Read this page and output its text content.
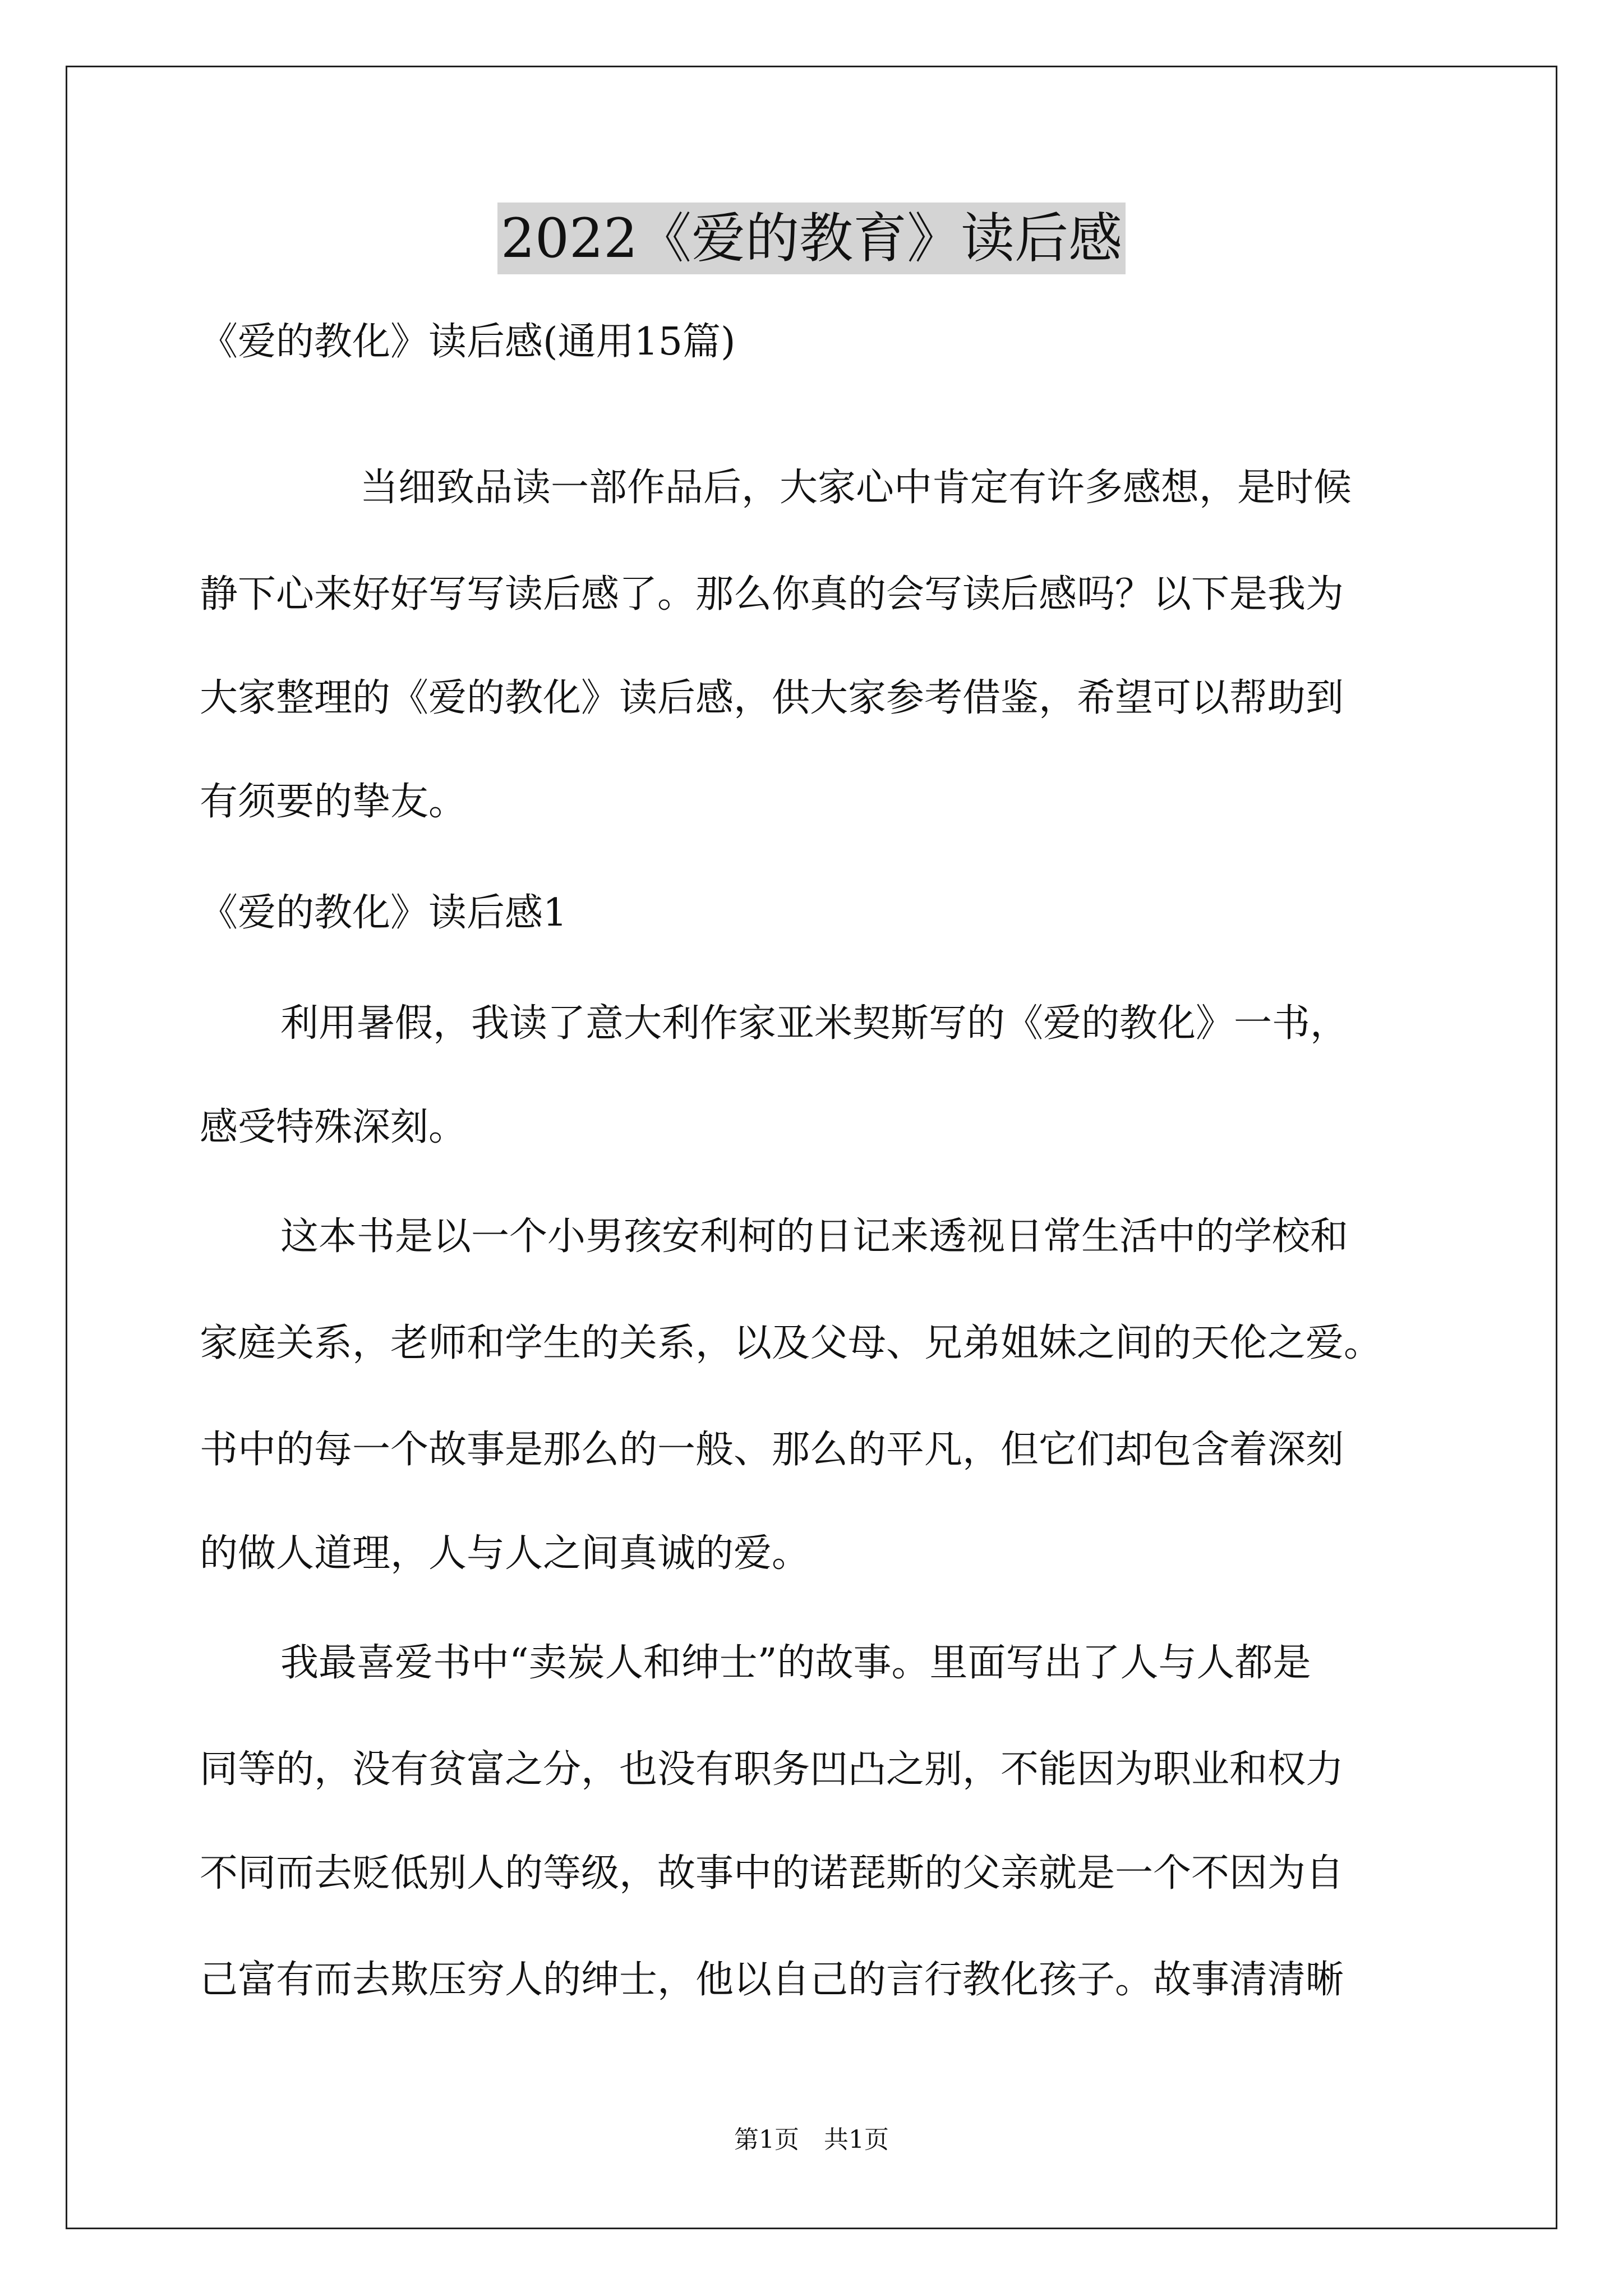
2022《爱的教育》读后感
《爱的教化》读后感(通用15篇)
当细致品读一部作品后，大家心中肯定有许多感想，是时候
静下心来好好写写读后感了。那么你真的会写读后感吗？以下是我为
大家整理的《爱的教化》读后感，供大家参考借鉴，希望可以帮助到
有须要的挚友。
《爱的教化》读后感1
利用暑假，我读了意大利作家亚米契斯写的《爱的教化》一书，
感受特殊深刻。
这本书是以一个小男孩安利柯的日记来透视日常生活中的学校和
家庭关系，老师和学生的关系，以及父母、兄弟姐妹之间的天伦之爱。
书中的每一个故事是那么的一般、那么的平凡，但它们却包含着深刻
的做人道理，人与人之间真诚的爱。
我最喜爱书中“卖炭人和绅士”的故事。里面写出了人与人都是
同等的，没有贫富之分，也没有职务凹凸之别，不能因为职业和权力
不同而去贬低别人的等级，故事中的诺琵斯的父亲就是一个不因为自
己富有而去欺压穷人的绅士，他以自己的言行教化孩子。故事清清晰
第1页　共1页
